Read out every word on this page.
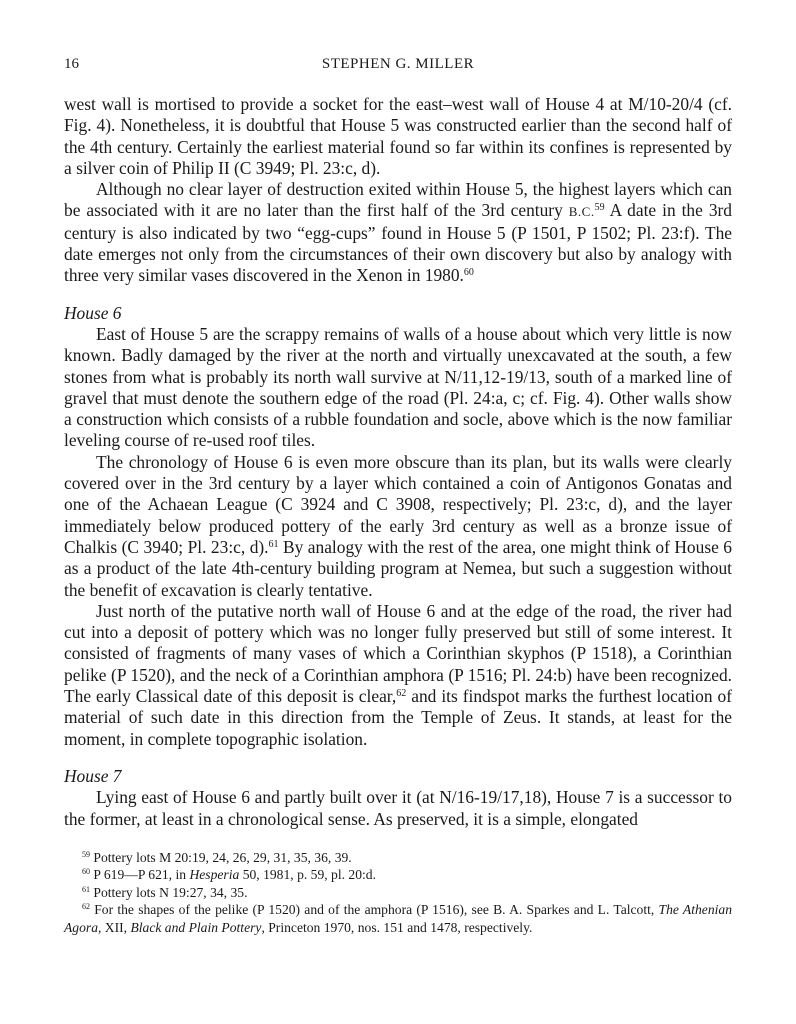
16	STEPHEN G. MILLER

west wall is mortised to provide a socket for the east–west wall of House 4 at M/10-20/4 (cf. Fig. 4). Nonetheless, it is doubtful that House 5 was constructed earlier than the second half of the 4th century. Certainly the earliest material found so far within its confines is represented by a silver coin of Philip II (C 3949; Pl. 23:c, d).

Although no clear layer of destruction exited within House 5, the highest layers which can be associated with it are no later than the first half of the 3rd century B.C.$^{59}$ A date in the 3rd century is also indicated by two “egg-cups” found in House 5 (P 1501, P 1502; Pl. 23:f). The date emerges not only from the circumstances of their own discovery but also by analogy with three very similar vases discovered in the Xenon in 1980.60

House 6

East of House 5 are the scrappy remains of walls of a house about which very little is now known. Badly damaged by the river at the north and virtually unexcavated at the south, a few stones from what is probably its north wall survive at N/11,12-19/13, south of a marked line of gravel that must denote the southern edge of the road (Pl. 24:a, c; cf. Fig. 4). Other walls show a construction which consists of a rubble foundation and socle, above which is the now familiar leveling course of re-used roof tiles.

The chronology of House 6 is even more obscure than its plan, but its walls were clearly covered over in the 3rd century by a layer which contained a coin of Antigonos Gonatas and one of the Achaean League (C 3924 and C 3908, respectively; Pl. 23:c, d), and the layer immediately below produced pottery of the early 3rd century as well as a bronze issue of Chalkis (C 3940; Pl. 23:c, d).$^{61}$ By analogy with the rest of the area, one might think of House 6 as a product of the late 4th-century building program at Nemea, but such a suggestion without the benefit of excavation is clearly tentative.

Just north of the putative north wall of House 6 and at the edge of the road, the river had cut into a deposit of pottery which was no longer fully preserved but still of some interest. It consisted of fragments of many vases of which a Corinthian skyphos (P 1518), a Corinthian pelike (P 1520), and the neck of a Corinthian amphora (P 1516; Pl. 24:b) have been recognized. The early Classical date of this deposit is clear,$^{62}$ and its findspot marks the furthest location of material of such date in this direction from the Temple of Zeus. It stands, at least for the moment, in complete topographic isolation.

House 7

Lying east of House 6 and partly built over it (at N/16-19/17,18), House 7 is a successor to the former, at least in a chronological sense. As preserved, it is a simple, elongated

$^{59}$ Pottery lots M 20:19, 24, 26, 29, 31, 35, 36, 39.

$^{60}$ P 619—P 621, in Hesperia 50, 1981, p. 59, pl. 20:d.

$^{61}$ Pottery lots N 19:27, 34, 35.

$^{62}$ For the shapes of the pelike (P 1520) and of the amphora (P 1516), see B. A. Sparkes and L. Talcott, The Athenian Agora, XII, Black and Plain Pottery, Princeton 1970, nos. 151 and 1478, respectively.
